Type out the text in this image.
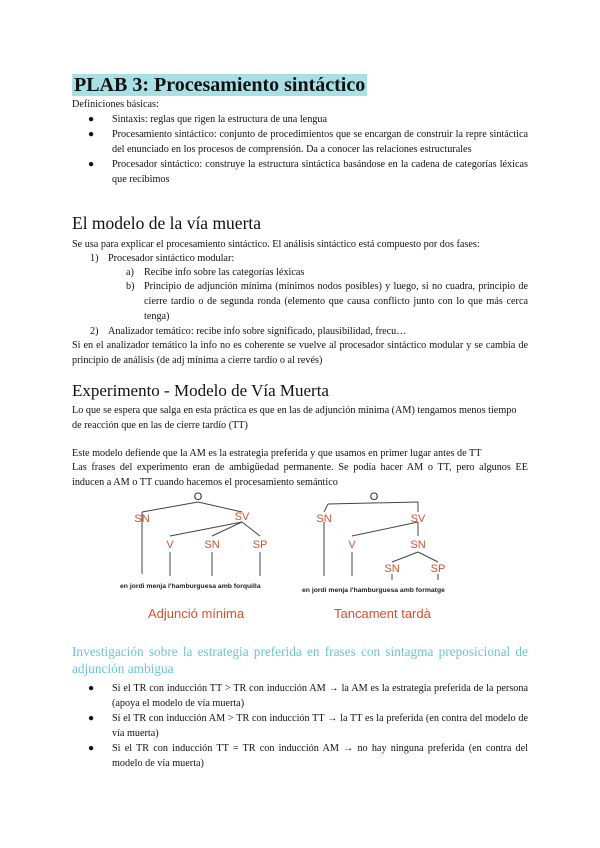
PLAB 3: Procesamiento sintáctico
Definiciones básicas:
●	Sintaxis: reglas que rigen la estructura de una lengua
●	Procesamiento sintáctico: conjunto de procedimientos que se encargan de construir la repre sintáctica del enunciado en los procesos de comprensión. Da a conocer las relaciones estructurales
●	Procesador sintáctico: construye la estructura sintáctica basándose en la cadena de categorías léxicas que recibimos
El modelo de la vía muerta
Se usa para explicar el procesamiento sintáctico. El análisis sintáctico está compuesto por dos fases:
1) Procesador sintáctico modular:
a) Recibe info sobre las categorías léxicas
b) Principio de adjunción mínima (mínimos nodos posibles) y luego, si no cuadra, principio de cierre tardío o de segunda ronda (elemento que causa conflicto junto con lo que más cerca tenga)
2) Analizador temático: recibe info sobre significado, plausibilidad, frecu…
Si en el analizador temático la info no es coherente se vuelve al procesador sintáctico modular y se cambia de principio de análisis (de adj mínima a cierre tardío o al revés)
Experimento - Modelo de Vía Muerta
Lo que se espera que salga en esta práctica es que en las de adjunción mínima (AM) tengamos menos tiempo de reacción que en las de cierre tardío (TT)
Este modelo defiende que la AM es la estrategia preferida y que usamos en primer lugar antes de TT
Las frases del experimento eran de ambigüedad permanente. Se podía hacer AM o TT, pero algunos EE inducen a AM o TT cuando hacemos el procesamiento semántico
O
SN	SV
V	SN	SP
en jordi menja l'hamburguesa amb forquilla
Adjunció mínima
O
SN	SV
V	SN
SN	SP
en jordi menja l'hamburguesa amb formatge
Tancament tardà
Investigación sobre la estrategia preferida en frases con sintagma preposicional de adjunción ambigua
●	Si el TR con inducción TT > TR con inducción AM → la AM es la estrategia preferida de la persona (apoya el modelo de vía muerta)
●	Si el TR con inducción AM > TR con inducción TT → la TT es la preferida (en contra del modelo de vía muerta)
●	Si el TR con inducción TT = TR con inducción AM → no hay ninguna preferida (en contra del modelo de vía muerta)
